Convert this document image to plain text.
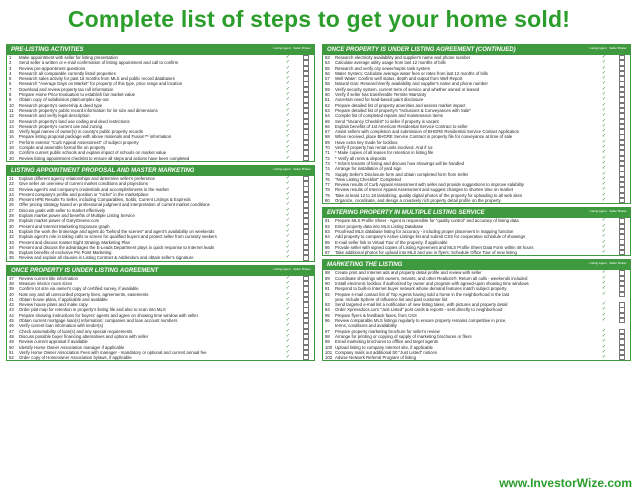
Complete list of steps to get your home sold!
PRE-LISTING ACTIVITIES	Listing Agent Seller Broker
1	Make appointment with seller for listing presentation	✓
2	Send seller a written or e-mail confirmation of listing appointment and call to confirm	✓
3	Review pre-appointment questions	✓
4	Research all comparable currently listed properties	✓
5	Research sales activity for past 18 months from MLS and public record databases	✓
6	Research "Average Days on Market" for property of this type, price range and location	✓
7	Download and review property tax roll information	✓
8	Prepare Home Price Evaluation to establish fair market value	✓
9	Obtain copy of subdivision plat/complex lay-out	✓
10	Research property's ownership & deed type	✓
11	Research property's public record information for lot size and dimensions	✓
12	Research and verify legal description	✓
13	Research property's land use coding and deed restrictions	✓
14	Research property's current use and zoning	✓
15	Verify legal names of owner(s) in county's public property records	✓
16	Prepare listing proposal package with above materials and Fusion™ information	✓
17	Perform exterior "Curb Appeal Assessment" of subject property	✓
18	Compile and assemble formal file on property	✓
19	Confirm current public schools and explain impact of schools on market value	✓
20	Review listing appointment checklist to ensure all steps and actions have been completed	✓
LISTING APPOINTMENT PROPOSAL AND MASTER MARKETING	Listing Agent Seller Broker
21	Explain different agency relationships and determine seller's preference	✓
22	Give seller an overview of current market conditions and projections	✓
23	Review agent's and company's credentials and accomplishments in the market	✓
24	Present company's profile and position or "niche" in the marketplace	✓
25	Present HPE Results To Seller, including Comparables, Solds, Current Listings & Expireds	✓
26	Offer pricing strategy based on professional judgment and interpretation of current market conditions	✓
27	Discuss goals with seller to market effectively	✓
28	Explain market power and benefits of Multiple Listing Service	✓
29	Explain market power of GaryGreene.com	✓
30	Present and Internet Marketing Exposure graph	✓
31	Explain the work the brokerage and agent do "behind the scenes" and agent's availability on weekends	✓
32	Explain agent's role in taking calls to screen for qualified buyers and protect seller from curiosity seekers	✓
33	Present and discuss master Eight Strategy Marketing Plan	✓
34	Present and discuss the advantages the E-Leads Department plays in quick response to Internet leads	✓
35	Explain benefits of exclusive Pin Point Marketing	✓
36	Review and explain all clauses in Listing Contract & Addendum and obtain seller's signature	✓
ONCE PROPERTY IS UNDER LISTING AGREEMENT	Listing Agent Seller Broker
37	Review current title information	✓
38	Measure interior room sizes	✓
39	Confirm lot size via owner's copy of certified survey, if available	✓
40	Note any and all unrecorded property lines, agreements, easements	✓
41	Obtain house plans, if applicable and available	✓
42	Review house plans and make copy	✓
43	Order plat map for retention in property's listing file and also to scan into MLS	✓
44	Prepare showing instructions for buyers' agents and agree on showing time window with seller	✓
45	Obtain current mortgage loan(s) information: companies and loan account numbers	✓
46	Verify current loan information with lender(s)	✓
47	Check assumability of loan(s) and any special requirements	✓
48	Discuss possible buyer financing alternatives and options with seller	✓
49	Review current appraisal if available	✓
50	Identify Home Owner Association manager if applicable	✓
51	Verify Home Owner Association Fees with manager - mandatory or optional and current annual fee	✓
52	Order copy of Homeowner Association bylaws, if applicable	✓
ONCE PROPERTY IS UNDER LISTING AGREEMENT (CONTINUED)	Listing Agent Seller Broker
53	Research electricity availability and supplier's name and phone number	✓
54	Calculate average utility usage from last 12 months of bills	✓
55	Research and verify city sewer/septic tank system	✓
56	Water System: Calculate average water fees or rates from last 12 months of bills	✓
57	Well Water: Confirm well status, depth and output from Well Report	✓
58	Natural Gas: Research/verify availability and supplier's name and phone number	✓
59	Verify security system, current term of service and whether owned or leased	✓
60	Verify if seller has transferable Termite Warranty	✓
61	Ascertain need for lead-based paint disclosure	✓
62	Prepare detailed list of property amenities and assess market impact	✓
63	Prepare detailed list of property's "Inclusions & Conveyances with Sale"	✓
64	Compile list of completed repairs and maintenance items	✓
65	Send "Vacancy Checklist" to seller if property is vacant	✓
66	Explain benefits of 1st American Residential Service Contract to seller	✓
67	Assist sellers with completion and submission of BHGRE Residential Service Contact Application	✓
68	When received, place BHGRE Service Contract in property file for conveyance at time of sale	✓
69	Have extra key made for lockbox	✓
70	Verify if property has rental units involved. And if so:	✓
71	* Make copies of all leases for retention in listing file	✓
72	* Verify all rents & deposits	✓
73	* Inform tenants of listing and discuss how showings will be handled	✓
74	Arrange for installation of yard sign	✓
75	Supply Seller's Disclosure form and obtain completed form from Seller	✓
76	"New Listing Checklist" Completed	✓
77	Review results of Curb Appeal Assessment with seller and provide suggestions to improve salability	✓
78	Review results of Interior Appeal Assessment and suggest changes to shorten time on market	✓
79	Take at least 12 to 18 tantalizing, quality digital photos of the property for uploading to all web sites	✓
80	Organize, coordinate, and design a creatively rich property detail profile on the property	✓
ENTERING PROPERTY IN MULTIPLE LISTING SERVICE	Listing Agent Seller Broker
81	Prepare MLS Profile Sheet - Agent is responsible for "quality control" and accuracy of listing data	✓
82	Enter property data into MLS Listing Database	✓
83	Proofread MLS database listing for accuracy - including proper placement in mapping function	✓
84	Add property to company's Active Listings list and submit CSS for cooperative schedule of showings	✓
85	E-mail seller link to Virtual Tour of the property, if applicable	✓
86	Provide seller with signed copies of Listing Agreement and MLS Profile Sheet Data Form within 48 hours	✓
87	Take additional photos for upload into MLS and use in flyers; Schedule Office Tour of new listing	✓
MARKETING THE LISTING	Listing Agent Seller Broker
88	Create print and Internet ads and property detail profile and review with seller	✓
89	Coordinate showings with owners, tenants, and other Realtors®. Return all calls - weekends included	✓
90	Install electronic lockbox if authorized by owner and program with agreed-upon showing time windows	✓
91	Respond to built-in Internet buyer network whose demand features match subject property	✓
92	Prepare e-mail contact list of Top Agents having sold a home in the neighborhood in the last	✓
year. Include Sphere of Influence list and past customer list
93	Send targeted e-mail list a notification of new listing taken, with pictures and property detail	✓
94	Order Xpressdocs.com "Just Listed" post cards & reports - sent directly to neighborhood	✓
95	Prepare flyers & feedback faxes, from CSS	✓
96	Review comparable MLS listings regularly to ensure property remains competitive in price,	✓
terms, conditions and availability
97	Prepare property marketing brochure for seller's review	✓
98	Arrange for printing or copying of supply of marketing brochures or fliers	✓
99	Email marketing brochures to offfice and target agents	✓
100 Upload listing to company Internet site, if applicable	✓
101 Company mails out additional 50 "Just Listed" notices	✓
102 Advise Network Referral Program of listing	✓
www.InvestorWize.com
